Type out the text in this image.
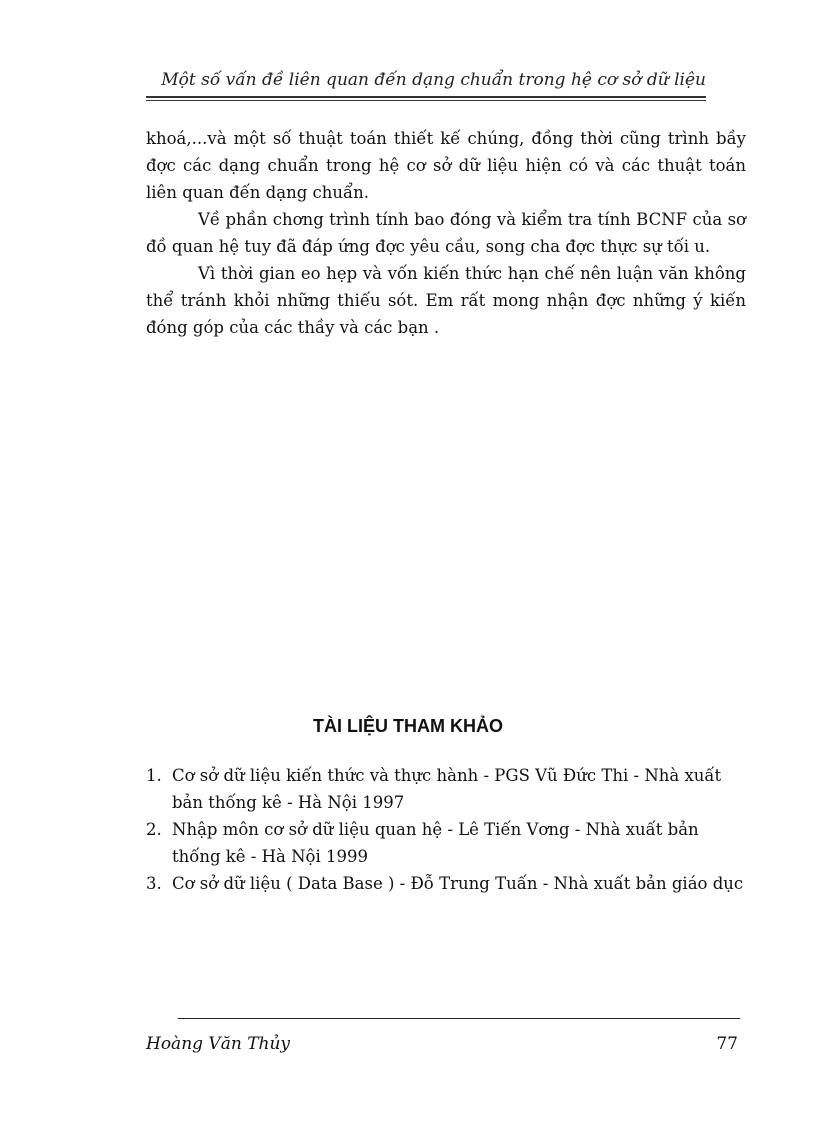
Một số vấn đề liên quan đến dạng chuẩn trong hệ cơ sở dữ liệu

khoá,...và một số thuật toán thiết kế chúng, đồng thời cũng trình bầy đợc các dạng chuẩn trong hệ cơ sở dữ liệu hiện có và các thuật toán liên quan đến dạng chuẩn.

Về phần chơng trình tính bao đóng và kiểm tra tính BCNF của sơ đồ quan hệ tuy đã đáp ứng đợc yêu cầu, song cha đợc thực sự tối u.

Vì thời gian eo hẹp và vốn kiến thức hạn chế nên luận văn không thể tránh khỏi những thiếu sót. Em rất mong nhận đợc những ý kiến đóng góp của các thầy và các bạn .

TÀI LIỆU THAM KHẢO
1. Cơ sở dữ liệu kiến thức và thực hành - PGS Vũ Đức Thi - Nhà xuất bản thống kê - Hà Nội 1997
2. Nhập môn cơ sở dữ liệu quan hệ - Lê Tiến Vơng - Nhà xuất bản thống kê - Hà Nội 1999
3. Cơ sở dữ liệu ( Data Base ) - Đỗ Trung Tuấn - Nhà xuất bản giáo dục
Hoàng Văn Thủy	77
